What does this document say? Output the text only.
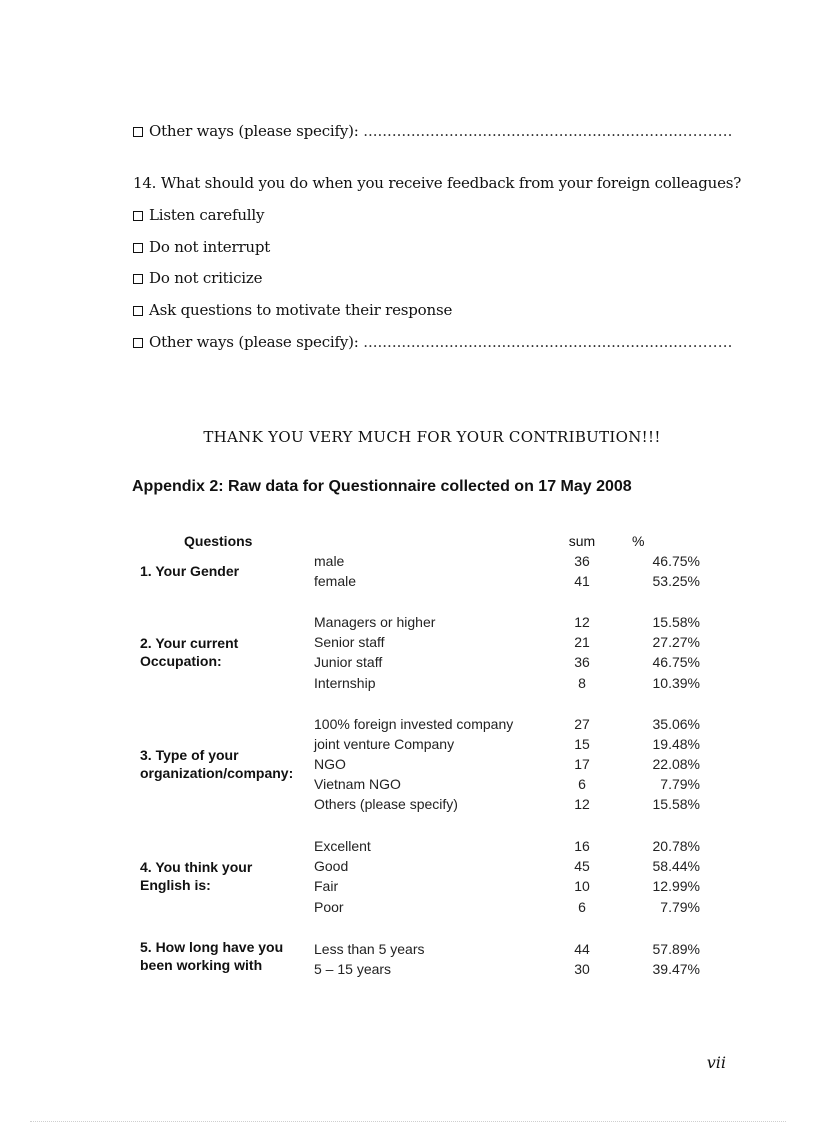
Other ways (please specify): ...................................................................……….
14. What should you do when you receive feedback from your foreign colleagues?
Listen carefully
Do not interrupt
Do not criticize
Ask questions to motivate their response
Other ways (please specify): ...................................................................……….
THANK YOU VERY MUCH FOR YOUR CONTRIBUTION!!!
Appendix 2: Raw data for Questionnaire collected on 17 May 2008
Questions	sum	%
1. Your Gender
male	36	46.75%
female	41	53.25%
2. Your current
Occupation:
Managers or higher	12	15.58%
Senior staff	21	27.27%
Junior staff	36	46.75%
Internship	8	10.39%
3. Type of your
organization/company:
100% foreign invested company	27	35.06%
joint venture Company	15	19.48%
NGO	17	22.08%
Vietnam NGO	6	7.79%
Others (please specify)	12	15.58%
4. You think your
English is:
Excellent	16	20.78%
Good	45	58.44%
Fair	10	12.99%
Poor	6	7.79%
5. How long have you
been working with
Less than 5 years	44	57.89%
5 – 15 years	30	39.47%
vii
